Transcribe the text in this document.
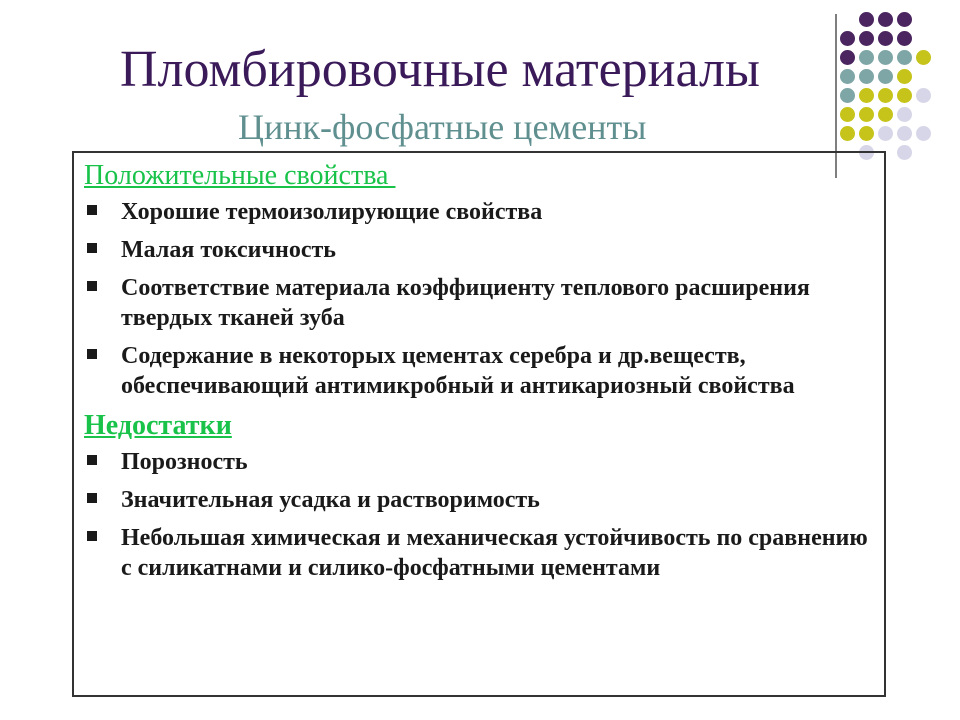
Пломбировочные материалы
Цинк-фосфатные цементы
Положительные свойства
Хорошие термоизолирующие свойства
Малая токсичность
Соответствие материала коэффициенту теплового расширения твердых тканей зуба
Содержание в некоторых цементах серебра и др.веществ, обеспечивающий антимикробный и антикариозный свойства
Недостатки
Порозность
Значительная усадка и растворимость
Небольшая химическая и механическая устойчивость по сравнению с силикатнами и силико-фосфатными цементами
